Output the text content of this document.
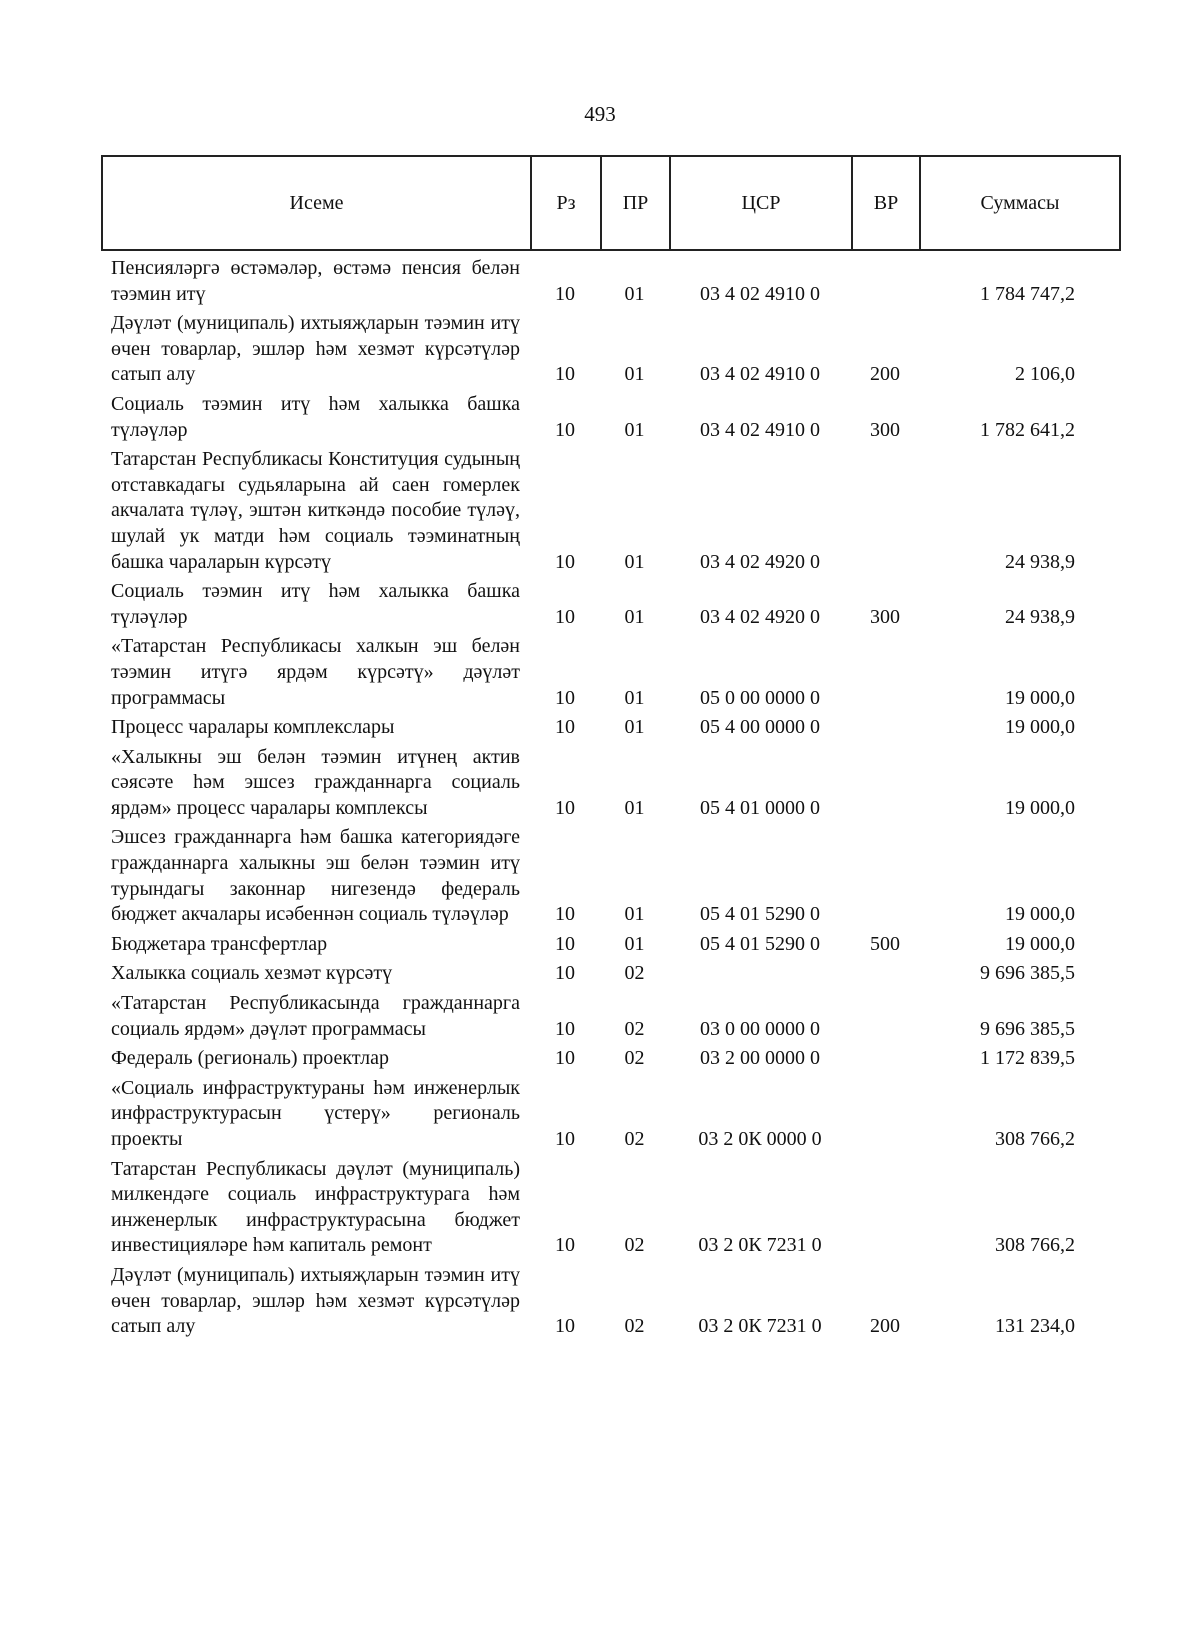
493
Исеме	Рз	ПР	ЦСР	ВР	Суммасы
Пенсияләргә өстәмәләр, өстәмә пенсия белән тәэмин итү	10	01	03 4 02 4910 0		1 784 747,2
Дәүләт (муниципаль) ихтыяҗларын тәэмин итү өчен товарлар, эшләр һәм хезмәт күрсәтүләр сатып алу	10	01	03 4 02 4910 0	200	2 106,0
Социаль тәэмин итү һәм халыкка башка түләүләр	10	01	03 4 02 4910 0	300	1 782 641,2
Татарстан Республикасы Конституция судының отставкадагы судьяларына ай саен гомерлек акчалата түләү, эштән киткәндә пособие түләү, шулай ук матди һәм социаль тәэминатның башка чараларын күрсәтү	10	01	03 4 02 4920 0		24 938,9
Социаль тәэмин итү һәм халыкка башка түләүләр	10	01	03 4 02 4920 0	300	24 938,9
«Татарстан Республикасы халкын эш белән тәэмин итүгә ярдәм күрсәтү» дәүләт программасы	10	01	05 0 00 0000 0		19 000,0
Процесс чаралары комплекслары	10	01	05 4 00 0000 0		19 000,0
«Халыкны эш белән тәэмин итүнең актив сәясәте һәм эшсез гражданнарга социаль ярдәм» процесс чаралары комплексы	10	01	05 4 01 0000 0		19 000,0
Эшсез гражданнарга һәм башка категориядәге гражданнарга халыкны эш белән тәэмин итү турындагы законнар нигезендә федераль бюджет акчалары исәбеннән социаль түләүләр	10	01	05 4 01 5290 0		19 000,0
Бюджетара трансфертлар	10	01	05 4 01 5290 0	500	19 000,0
Халыкка социаль хезмәт күрсәтү	10	02			9 696 385,5
«Татарстан Республикасында гражданнарга социаль ярдәм» дәүләт программасы	10	02	03 0 00 0000 0		9 696 385,5
Федераль (региональ) проектлар	10	02	03 2 00 0000 0		1 172 839,5
«Социаль инфраструктураны һәм инженерлык инфраструктурасын үстерү» региональ проекты	10	02	03 2 0К 0000 0		308 766,2
Татарстан Республикасы дәүләт (муниципаль) милкендәге социаль инфраструктурага һәм инженерлык инфраструктурасына бюджет инвестицияләре һәм капиталь ремонт	10	02	03 2 0К 7231 0		308 766,2
Дәүләт (муниципаль) ихтыяҗларын тәэмин итү өчен товарлар, эшләр һәм хезмәт күрсәтүләр сатып алу	10	02	03 2 0К 7231 0	200	131 234,0
